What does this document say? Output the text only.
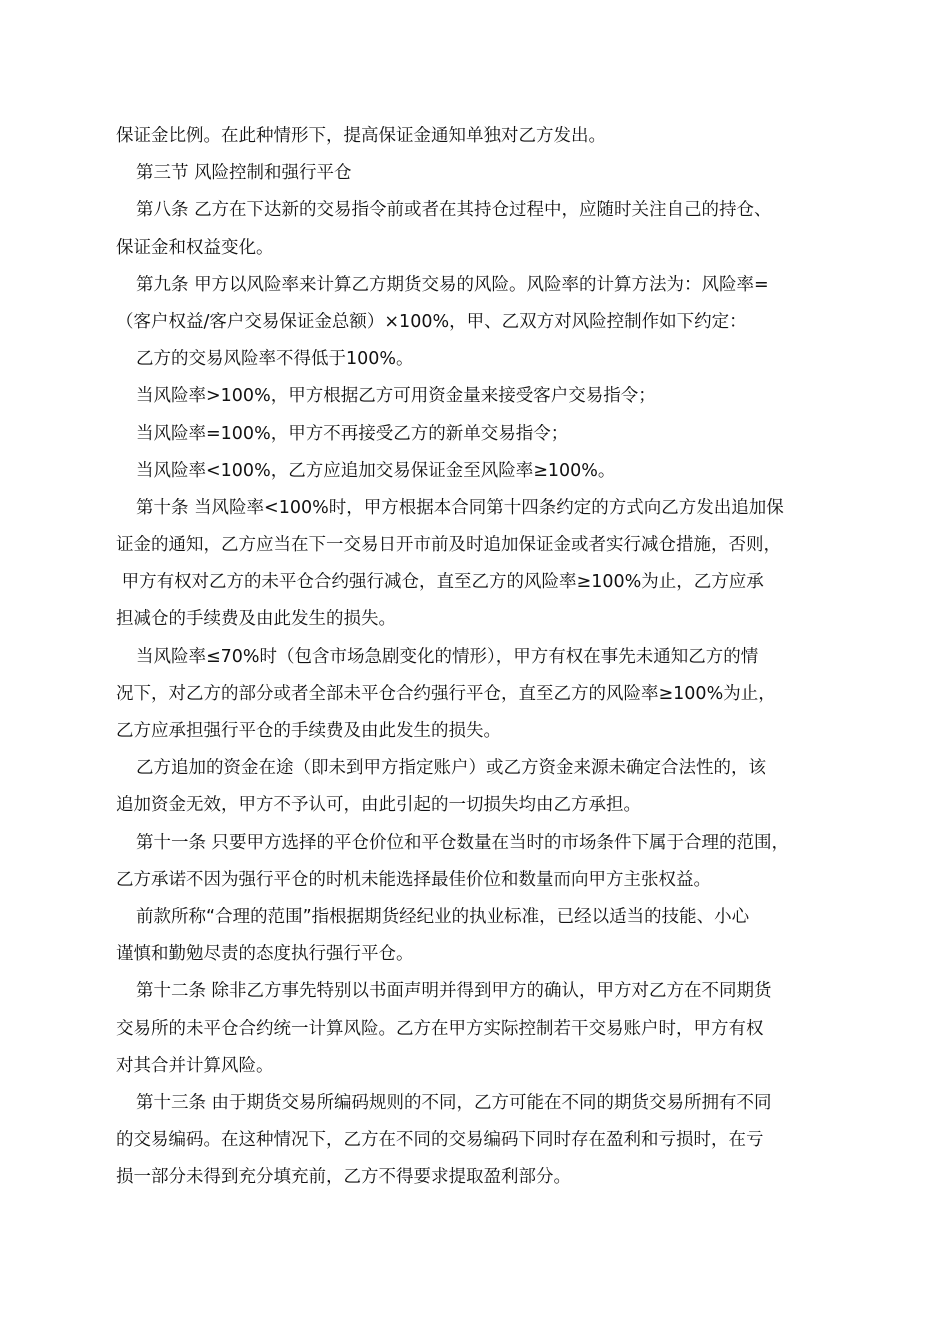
保证金比例。在此种情形下，提高保证金通知单独对乙方发出。
第三节 风险控制和强行平仓
第八条 乙方在下达新的交易指令前或者在其持仓过程中，应随时关注自己的持仓、
保证金和权益变化。
第九条 甲方以风险率来计算乙方期货交易的风险。风险率的计算方法为：风险率=
（客户权益/客户交易保证金总额）×100%，甲、乙双方对风险控制作如下约定：
乙方的交易风险率不得低于100%。
当风险率>100%，甲方根据乙方可用资金量来接受客户交易指令；
当风险率=100%，甲方不再接受乙方的新单交易指令；
当风险率<100%，乙方应追加交易保证金至风险率≥100%。
第十条 当风险率<100%时，甲方根据本合同第十四条约定的方式向乙方发出追加保
证金的通知，乙方应当在下一交易日开市前及时追加保证金或者实行减仓措施，否则，
甲方有权对乙方的未平仓合约强行减仓，直至乙方的风险率≥100%为止，乙方应承
担减仓的手续费及由此发生的损失。
当风险率≤70%时（包含市场急剧变化的情形），甲方有权在事先未通知乙方的情
况下，对乙方的部分或者全部未平仓合约强行平仓，直至乙方的风险率≥100%为止，
乙方应承担强行平仓的手续费及由此发生的损失。
乙方追加的资金在途（即未到甲方指定账户）或乙方资金来源未确定合法性的，该
追加资金无效，甲方不予认可，由此引起的一切损失均由乙方承担。
第十一条 只要甲方选择的平仓价位和平仓数量在当时的市场条件下属于合理的范围，
乙方承诺不因为强行平仓的时机未能选择最佳价位和数量而向甲方主张权益。
前款所称“合理的范围”指根据期货经纪业的执业标准，已经以适当的技能、小心
谨慎和勤勉尽责的态度执行强行平仓。
第十二条 除非乙方事先特别以书面声明并得到甲方的确认，甲方对乙方在不同期货
交易所的未平仓合约统一计算风险。乙方在甲方实际控制若干交易账户时，甲方有权
对其合并计算风险。
第十三条 由于期货交易所编码规则的不同，乙方可能在不同的期货交易所拥有不同
的交易编码。在这种情况下，乙方在不同的交易编码下同时存在盈利和亏损时，在亏
损一部分未得到充分填充前，乙方不得要求提取盈利部分。
